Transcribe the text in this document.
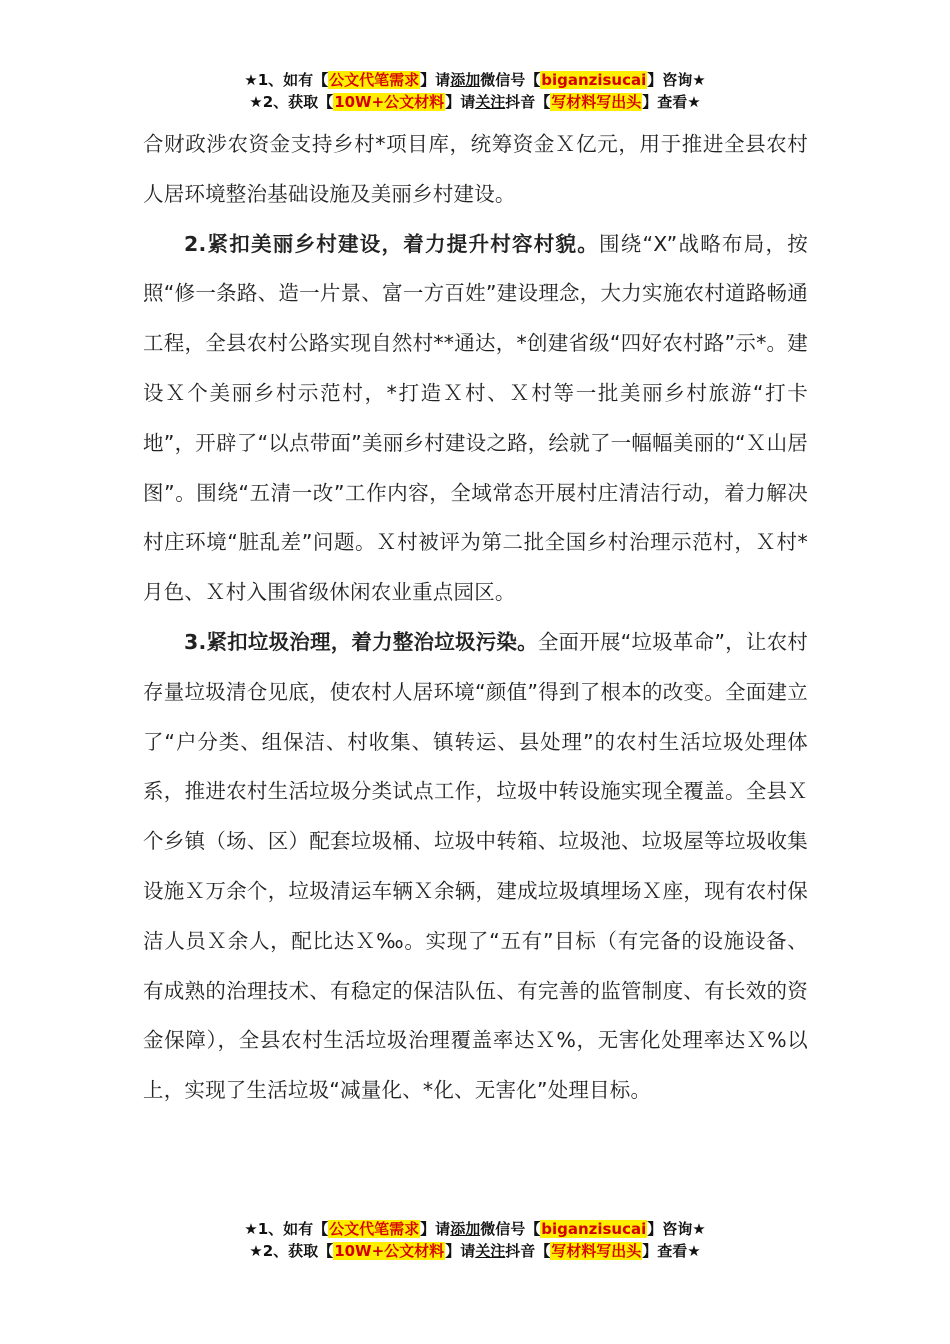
★1、如有【公文代笔需求】请添加微信号【biganzisucai】咨询★
★2、获取【10W+公文材料】请关注抖音【写材料写出头】查看★

合财政涉农资金支持乡村*项目库，统筹资金Ｘ亿元，用于推进全县农村人居环境整治基础设施及美丽乡村建设。

2.紧扣美丽乡村建设，着力提升村容村貌。围绕“X”战略布局，按照“修一条路、造一片景、富一方百姓”建设理念，大力实施农村道路畅通工程，全县农村公路实现自然村**通达，*创建省级“四好农村路”示*。建设Ｘ个美丽乡村示范村，*打造Ｘ村、Ｘ村等一批美丽乡村旅游“打卡地”，开辟了“以点带面”美丽乡村建设之路，绘就了一幅幅美丽的“Ｘ山居图”。围绕“五清一改”工作内容，全域常态开展村庄清洁行动，着力解决村庄环境“脏乱差”问题。Ｘ村被评为第二批全国乡村治理示范村，Ｘ村*月色、Ｘ村入围省级休闲农业重点园区。

3.紧扣垃圾治理，着力整治垃圾污染。全面开展“垃圾革命”，让农村存量垃圾清仓见底，使农村人居环境“颜值”得到了根本的改变。全面建立了“户分类、组保洁、村收集、镇转运、县处理”的农村生活垃圾处理体系，推进农村生活垃圾分类试点工作，垃圾中转设施实现全覆盖。全县Ｘ个乡镇（场、区）配套垃圾桶、垃圾中转箱、垃圾池、垃圾屋等垃圾收集设施Ｘ万余个，垃圾清运车辆Ｘ余辆，建成垃圾填埋场Ｘ座，现有农村保洁人员Ｘ余人，配比达Ｘ‰。实现了“五有”目标（有完备的设施设备、有成熟的治理技术、有稳定的保洁队伍、有完善的监管制度、有长效的资金保障），全县农村生活垃圾治理覆盖率达Ｘ%，无害化处理率达Ｘ%以上，实现了生活垃圾“减量化、*化、无害化”处理目标。

★1、如有【公文代笔需求】请添加微信号【biganzisucai】咨询★
★2、获取【10W+公文材料】请关注抖音【写材料写出头】查看★
